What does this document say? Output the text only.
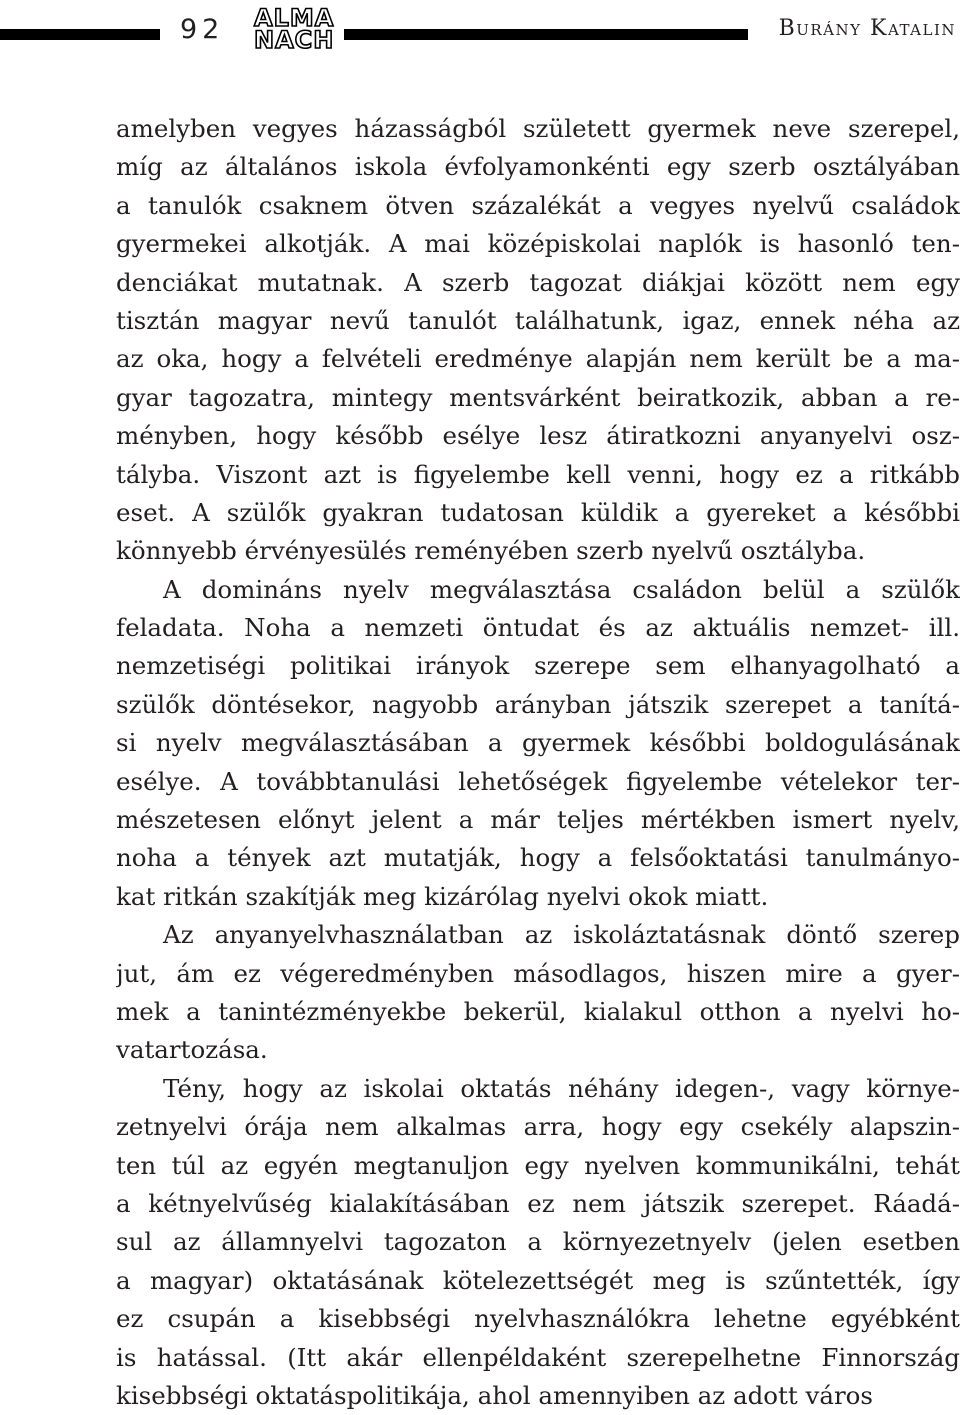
92 ALMA
NACH	Burány Katalin
amelyben vegyes házasságból született gyermek neve szerepel,
míg az általános iskola évfolyamonkénti egy szerb osztályában
a tanulók csaknem ötven százalékát a vegyes nyelvű családok
gyermekei alkotják. A mai középiskolai naplók is hasonló ten-
denciákat mutatnak. A szerb tagozat diákjai között nem egy
tisztán magyar nevű tanulót találhatunk, igaz, ennek néha az
az oka, hogy a felvételi eredménye alapján nem került be a ma-
gyar tagozatra, mintegy mentsvárként beiratkozik, abban a re-
ményben, hogy később esélye lesz átiratkozni anyanyelvi osz-
tályba. Viszont azt is figyelembe kell venni, hogy ez a ritkább
eset. A szülők gyakran tudatosan küldik a gyereket a későbbi
könnyebb érvényesülés reményében szerb nyelvű osztályba.
A domináns nyelv megválasztása családon belül a szülők
feladata. Noha a nemzeti öntudat és az aktuális nemzet- ill.
nemzetiségi politikai irányok szerepe sem elhanyagolható a
szülők döntésekor, nagyobb arányban játszik szerepet a tanítá-
si nyelv megválasztásában a gyermek későbbi boldogulásának
esélye. A továbbtanulási lehetőségek figyelembe vételekor ter-
mészetesen előnyt jelent a már teljes mértékben ismert nyelv,
noha a tények azt mutatják, hogy a felsőoktatási tanulmányo-
kat ritkán szakítják meg kizárólag nyelvi okok miatt.
Az anyanyelvhasználatban az iskoláztatásnak döntő szerep
jut, ám ez végeredményben másodlagos, hiszen mire a gyer-
mek a tanintézményekbe bekerül, kialakul otthon a nyelvi ho-
vatartozása.
Tény, hogy az iskolai oktatás néhány idegen-, vagy környe-
zetnyelvi órája nem alkalmas arra, hogy egy csekély alapszin-
ten túl az egyén megtanuljon egy nyelven kommunikálni, tehát
a kétnyelvűség kialakításában ez nem játszik szerepet. Ráadá-
sul az államnyelvi tagozaton a környezetnyelv (jelen esetben
a magyar) oktatásának kötelezettségét meg is szűntették, így
ez csupán a kisebbségi nyelvhasználókra lehetne egyébként
is hatással. (Itt akár ellenpéldaként szerepelhetne Finnország
kisebbségi oktatáspolitikája, ahol amennyiben az adott város
